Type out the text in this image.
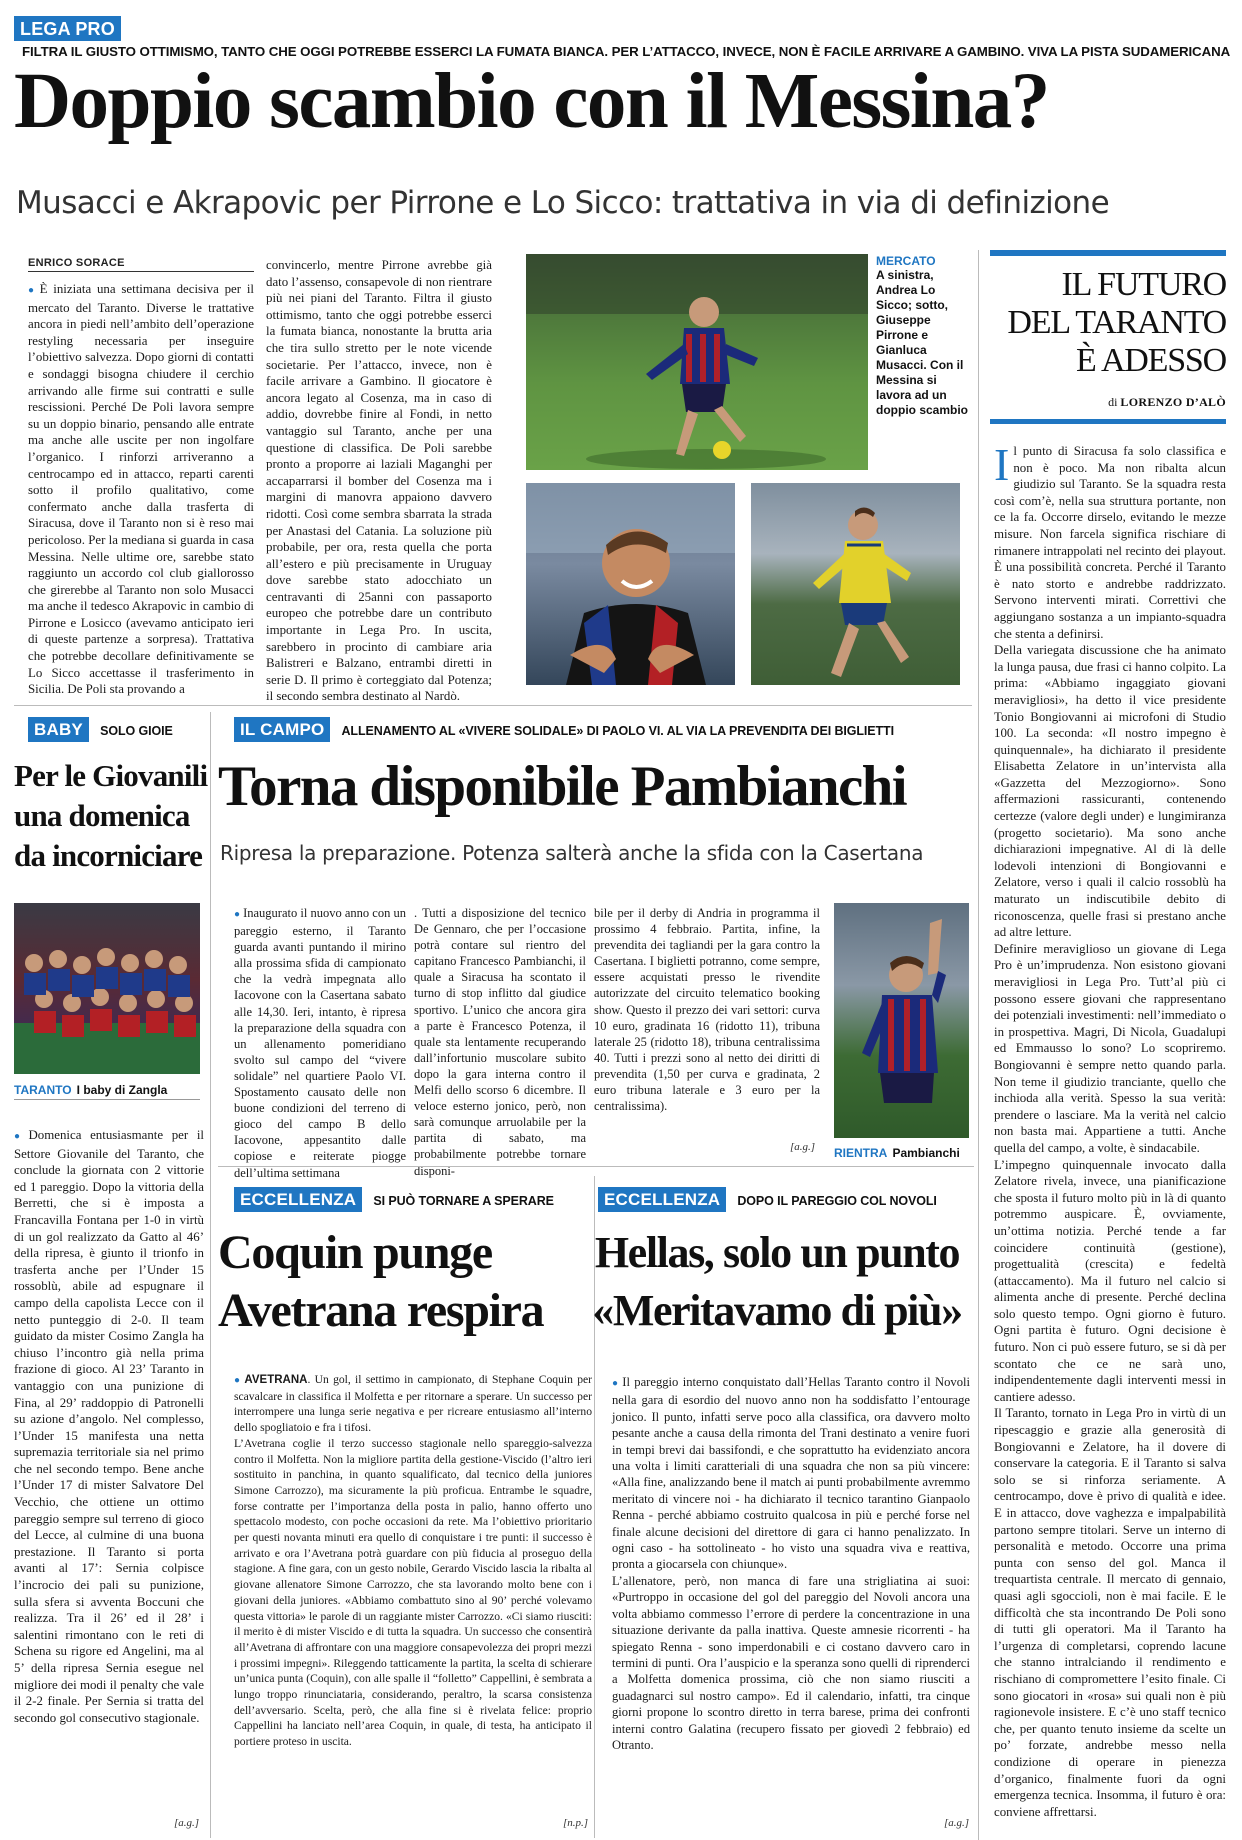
LEGA PRO FILTRA IL GIUSTO OTTIMISMO, TANTO CHE OGGI POTREBBE ESSERCI LA FUMATA BIANCA. PER L’ATTACCO, INVECE, NON È FACILE ARRIVARE A GAMBINO. VIVA LA PISTA SUDAMERICANA
Doppio scambio con il Messina?
Musacci e Akrapovic per Pirrone e Lo Sicco: trattativa in via di definizione
ENRICO SORACE
● È iniziata una settimana decisiva per il mercato del Taranto. Diverse le trattative ancora in piedi nell’ambito dell’operazione restyling necessaria per inseguire l’obiettivo salvezza. Dopo giorni di contatti e sondaggi bisogna chiudere il cerchio arrivando alle firme sui contratti e sulle rescissioni. Perché De Poli lavora sempre su un doppio binario, pensando alle entrate ma anche alle uscite per non ingolfare l’organico. I rinforzi arriveranno a centrocampo ed in attacco, reparti carenti sotto il profilo qualitativo, come confermato anche dalla trasferta di Siracusa, dove il Taranto non si è reso mai pericoloso. Per la mediana si guarda in casa Messina. Nelle ultime ore, sarebbe stato raggiunto un accordo col club giallorosso che girerebbe al Taranto non solo Musacci ma anche il tedesco Akrapovic in cambio di Pirrone e Losicco (avevamo anticipato ieri di queste partenze a sorpresa). Trattativa che potrebbe decollare definitivamente se Lo Sicco accettasse il trasferimento in Sicilia. De Poli sta provando a
convincerlo, mentre Pirrone avrebbe già dato l’assenso, consapevole di non rientrare più nei piani del Taranto. Filtra il giusto ottimismo, tanto che oggi potrebbe esserci la fumata bianca, nonostante la brutta aria che tira sullo stretto per le note vicende societarie. Per l’attacco, invece, non è facile arrivare a Gambino. Il giocatore è ancora legato al Cosenza, ma in caso di addio, dovrebbe finire al Fondi, in netto vantaggio sul Taranto, anche per una questione di classifica. De Poli sarebbe pronto a proporre ai laziali Maganghi per accaparrarsi il bomber del Cosenza ma i margini di manovra appaiono davvero ridotti. Così come sembra sbarrata la strada per Anastasi del Catania. La soluzione più probabile, per ora, resta quella che porta all’estero e più precisamente in Uruguay dove sarebbe stato adocchiato un centravanti di 25anni con passaporto europeo che potrebbe dare un contributo importante in Lega Pro. In uscita, sarebbero in procinto di cambiare aria Balistreri e Balzano, entrambi diretti in serie D. Il primo è corteggiato dal Potenza; il secondo sembra destinato al Nardò.
MERCATO
A sinistra, Andrea Lo Sicco; sotto, Giuseppe Pirrone e Gianluca Musacci. Con il Messina si lavora ad un doppio scambio
IL FUTURO
DEL TARANTO
È ADESSO
di LORENZO D’ALÒ
Il punto di Siracusa fa solo classifica e non è poco. Ma non ribalta alcun giudizio sul Taranto. Se la squadra resta così com’è, nella sua struttura portante, non ce la fa. Occorre dirselo, evitando le mezze misure. Non farcela significa rischiare di rimanere intrappolati nel recinto dei playout. È una possibilità concreta. Perché il Taranto è nato storto e andrebbe raddrizzato. Servono interventi mirati. Correttivi che aggiungano sostanza a un impianto-squadra che stenta a definirsi.
Della variegata discussione che ha animato la lunga pausa, due frasi ci hanno colpito. La prima: «Abbiamo ingaggiato giovani meravigliosi», ha detto il vice presidente Tonio Bongiovanni ai microfoni di Studio 100. La seconda: «Il nostro impegno è quinquennale», ha dichiarato il presidente Elisabetta Zelatore in un’intervista alla «Gazzetta del Mezzogiorno». Sono affermazioni rassicuranti, contenendo certezze (valore degli under) e lungimiranza (progetto societario). Ma sono anche dichiarazioni impegnative. Al di là delle lodevoli intenzioni di Bongiovanni e Zelatore, verso i quali il calcio rossoblù ha maturato un indiscutibile debito di riconoscenza, quelle frasi si prestano anche ad altre letture.
Definire meraviglioso un giovane di Lega Pro è un’imprudenza. Non esistono giovani meravigliosi in Lega Pro. Tutt’al più ci possono essere giovani che rappresentano dei potenziali investimenti: nell’immediato o in prospettiva. Magri, Di Nicola, Guadalupi ed Emmausso lo sono? Lo scopriremo. Bongiovanni è sempre netto quando parla. Non teme il giudizio tranciante, quello che inchioda alla verità. Spesso la sua verità: prendere o lasciare. Ma la verità nel calcio non basta mai. Appartiene a tutti. Anche quella del campo, a volte, è sindacabile.
L’impegno quinquennale invocato dalla Zelatore rivela, invece, una pianificazione che sposta il futuro molto più in là di quanto potremmo auspicare. È, ovviamente, un’ottima notizia. Perché tende a far coincidere continuità (gestione), progettualità (crescita) e fedeltà (attaccamento). Ma il futuro nel calcio si alimenta anche di presente. Perché declina solo questo tempo. Ogni giorno è futuro. Ogni partita è futuro. Ogni decisione è futuro. Non ci può essere futuro, se si dà per scontato che ce ne sarà uno, indipendentemente dagli interventi messi in cantiere adesso.
Il Taranto, tornato in Lega Pro in virtù di un ripescaggio e grazie alla generosità di Bongiovanni e Zelatore, ha il dovere di conservare la categoria. E il Taranto si salva solo se si rinforza seriamente. A centrocampo, dove è privo di qualità e idee. E in attacco, dove vaghezza e impalpabilità partono sempre titolari. Serve un interno di personalità e metodo. Occorre una prima punta con senso del gol. Manca il trequartista centrale. Il mercato di gennaio, quasi agli sgoccioli, non è mai facile. E le difficoltà che sta incontrando De Poli sono di tutti gli operatori. Ma il Taranto ha l’urgenza di completarsi, coprendo lacune che stanno intralciando il rendimento e rischiano di compromettere l’esito finale. Ci sono giocatori in «rosa» sui quali non è più ragionevole insistere. E c’è uno staff tecnico che, per quanto tenuto insieme da scelte un po’ forzate, andrebbe messo nella condizione di operare in pienezza d’organico, finalmente fuori da ogni emergenza tecnica. Insomma, il futuro è ora: conviene affrettarsi.
BABY SOLO GIOIE
Per le Giovanili
una domenica
da incorniciare
TARANTO I baby di Zangla
● Domenica entusiasmante per il Settore Giovanile del Taranto, che conclude la giornata con 2 vittorie ed 1 pareggio. Dopo la vittoria della Berretti, che si è imposta a Francavilla Fontana per 1-0 in virtù di un gol realizzato da Gatto al 46’ della ripresa, è giunto il trionfo in trasferta anche per l’Under 15 rossoblù, abile ad espugnare il campo della capolista Lecce con il netto punteggio di 2-0. Il team guidato da mister Cosimo Zangla ha chiuso l’incontro già nella prima frazione di gioco. Al 23’ Taranto in vantaggio con una punizione di Fina, al 29’ raddoppio di Patronelli su azione d’angolo. Nel complesso, l’Under 15 manifesta una netta supremazia territoriale sia nel primo che nel secondo tempo. Bene anche l’Under 17 di mister Salvatore Del Vecchio, che ottiene un ottimo pareggio sempre sul terreno di gioco del Lecce, al culmine di una buona prestazione. Il Taranto si porta avanti al 17’: Sernia colpisce l’incrocio dei pali su punizione, sulla sfera si avventa Boccuni che realizza. Tra il 26’ ed il 28’ i salentini rimontano con le reti di Schena su rigore ed Angelini, ma al 5’ della ripresa Sernia esegue nel migliore dei modi il penalty che vale il 2-2 finale. Per Sernia si tratta del secondo gol consecutivo stagionale.
[a.g.]
IL CAMPO ALLENAMENTO AL «VIVERE SOLIDALE» DI PAOLO VI. AL VIA LA PREVENDITA DEI BIGLIETTI
Torna disponibile Pambianchi
Ripresa la preparazione. Potenza salterà anche la sfida con la Casertana
● Inaugurato il nuovo anno con un pareggio esterno, il Taranto guarda avanti puntando il mirino alla prossima sfida di campionato che la vedrà impegnata allo Iacovone con la Casertana sabato alle 14,30. Ieri, intanto, è ripresa la preparazione della squadra con un allenamento pomeridiano svolto sul campo del “vivere solidale” nel quartiere Paolo VI. Spostamento causato delle non buone condizioni del terreno di gioco del campo B dello Iacovone, appesantito dalle copiose e reiterate piogge dell’ultima settimana
. Tutti a disposizione del tecnico De Gennaro, che per l’occasione potrà contare sul rientro del capitano Francesco Pambianchi, il quale a Siracusa ha scontato il turno di stop inflitto dal giudice sportivo. L’unico che ancora gira a parte è Francesco Potenza, il quale sta lentamente recuperando dall’infortunio muscolare subito dopo la gara interna contro il Melfi dello scorso 6 dicembre. Il veloce esterno jonico, però, non sarà comunque arruolabile per la partita di sabato, ma probabilmente potrebbe tornare disponi-
bile per il derby di Andria in programma il prossimo 4 febbraio. Partita, infine, la prevendita dei tagliandi per la gara contro la Casertana. I biglietti potranno, come sempre, essere acquistati presso le rivendite autorizzate del circuito telematico booking show. Questo il prezzo dei vari settori: curva 10 euro, gradinata 16 (ridotto 11), tribuna laterale 25 (ridotto 18), tribuna centralissima 40. Tutti i prezzi sono al netto dei diritti di prevendita (1,50 per curva e gradinata, 2 euro tribuna laterale e 3 euro per la centralissima).
[a.g.] RIENTRA Pambianchi
ECCELLENZA SI PUÒ TORNARE A SPERARE
Coquin punge
Avetrana respira
● AVETRANA. Un gol, il settimo in campionato, di Stephane Coquin per scavalcare in classifica il Molfetta e per ritornare a sperare. Un successo per interrompere una lunga serie negativa e per ricreare entusiasmo all’interno dello spogliatoio e fra i tifosi.
L’Avetrana coglie il terzo successo stagionale nello spareggio-salvezza contro il Molfetta. Non la migliore partita della gestione-Viscido (l’altro ieri sostituito in panchina, in quanto squalificato, dal tecnico della juniores Simone Carrozzo), ma sicuramente la più proficua. Entrambe le squadre, forse contratte per l’importanza della posta in palio, hanno offerto uno spettacolo modesto, con poche occasioni da rete. Ma l’obiettivo prioritario per questi novanta minuti era quello di conquistare i tre punti: il successo è arrivato e ora l’Avetrana potrà guardare con più fiducia al proseguo della stagione. A fine gara, con un gesto nobile, Gerardo Viscido lascia la ribalta al giovane allenatore Simone Carrozzo, che sta lavorando molto bene con i giovani della juniores. «Abbiamo combattuto sino al 90’ perché volevamo questa vittoria» le parole di un raggiante mister Carrozzo. «Ci siamo riusciti: il merito è di mister Viscido e di tutta la squadra. Un successo che consentirà all’Avetrana di affrontare con una maggiore consapevolezza dei propri mezzi i prossimi impegni». Rileggendo tatticamente la partita, la scelta di schierare un’unica punta (Coquin), con alle spalle il “folletto” Cappellini, è sembrata a lungo troppo rinunciataria, considerando, peraltro, la scarsa consistenza dell’avversario. Scelta, però, che alla fine si è rivelata felice: proprio Cappellini ha lanciato nell’area Coquin, in quale, di testa, ha anticipato il portiere proteso in uscita.
[n.p.]
ECCELLENZA DOPO IL PAREGGIO COL NOVOLI
Hellas, solo un punto
«Meritavamo di più»
● Il pareggio interno conquistato dall’Hellas Taranto contro il Novoli nella gara di esordio del nuovo anno non ha soddisfatto l’entourage jonico. Il punto, infatti serve poco alla classifica, ora davvero molto pesante anche a causa della rimonta del Trani destinato a venire fuori in tempi brevi dai bassifondi, e che soprattutto ha evidenziato ancora una volta i limiti caratteriali di una squadra che non sa più vincere: «Alla fine, analizzando bene il match ai punti probabilmente avremmo meritato di vincere noi - ha dichiarato il tecnico tarantino Gianpaolo Renna - perché abbiamo costruito qualcosa in più e perché forse nel finale alcune decisioni del direttore di gara ci hanno penalizzato. In ogni caso - ha sottolineato - ho visto una squadra viva e reattiva, pronta a giocarsela con chiunque».
L’allenatore, però, non manca di fare una strigliatina ai suoi: «Purtroppo in occasione del gol del pareggio del Novoli ancora una volta abbiamo commesso l’errore di perdere la concentrazione in una situazione derivante da palla inattiva. Queste amnesie ricorrenti - ha spiegato Renna - sono imperdonabili e ci costano davvero caro in termini di punti. Ora l’auspicio e la speranza sono quelli di riprenderci a Molfetta domenica prossima, ciò che non siamo riusciti a guadagnarci sul nostro campo». Ed il calendario, infatti, tra cinque giorni propone lo scontro diretto in terra barese, prima dei confronti interni contro Galatina (recupero fissato per giovedì 2 febbraio) ed Otranto.
[a.g.]
